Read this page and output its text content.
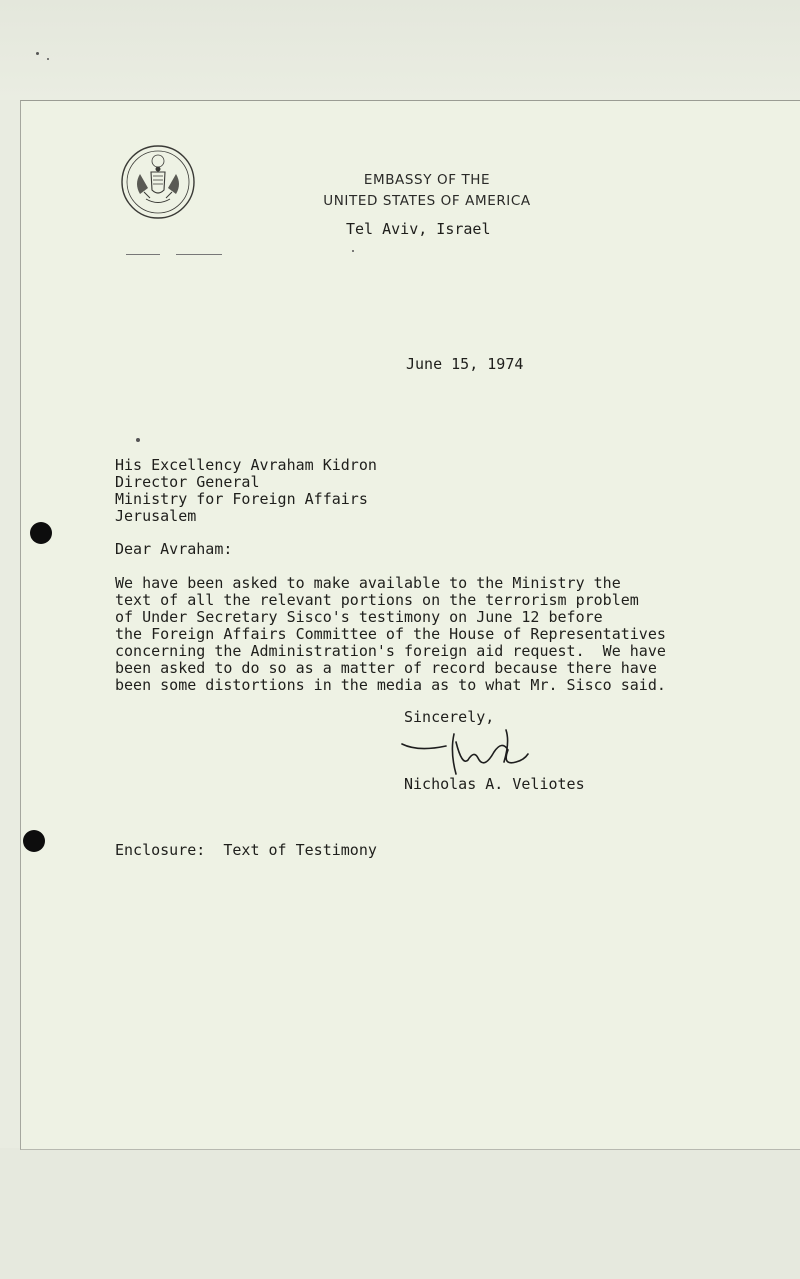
EMBASSY OF THE
UNITED STATES OF AMERICA
Tel Aviv, Israel
June 15, 1974
His Excellency Avraham Kidron
Director General
Ministry for Foreign Affairs
Jerusalem
Dear Avraham:
We have been asked to make available to the Ministry the
text of all the relevant portions on the terrorism problem
of Under Secretary Sisco's testimony on June 12 before
the Foreign Affairs Committee of the House of Representatives
concerning the Administration's foreign aid request.  We have
been asked to do so as a matter of record because there have
been some distortions in the media as to what Mr. Sisco said.
Sincerely,
Nicholas A. Veliotes
Enclosure:  Text of Testimony
